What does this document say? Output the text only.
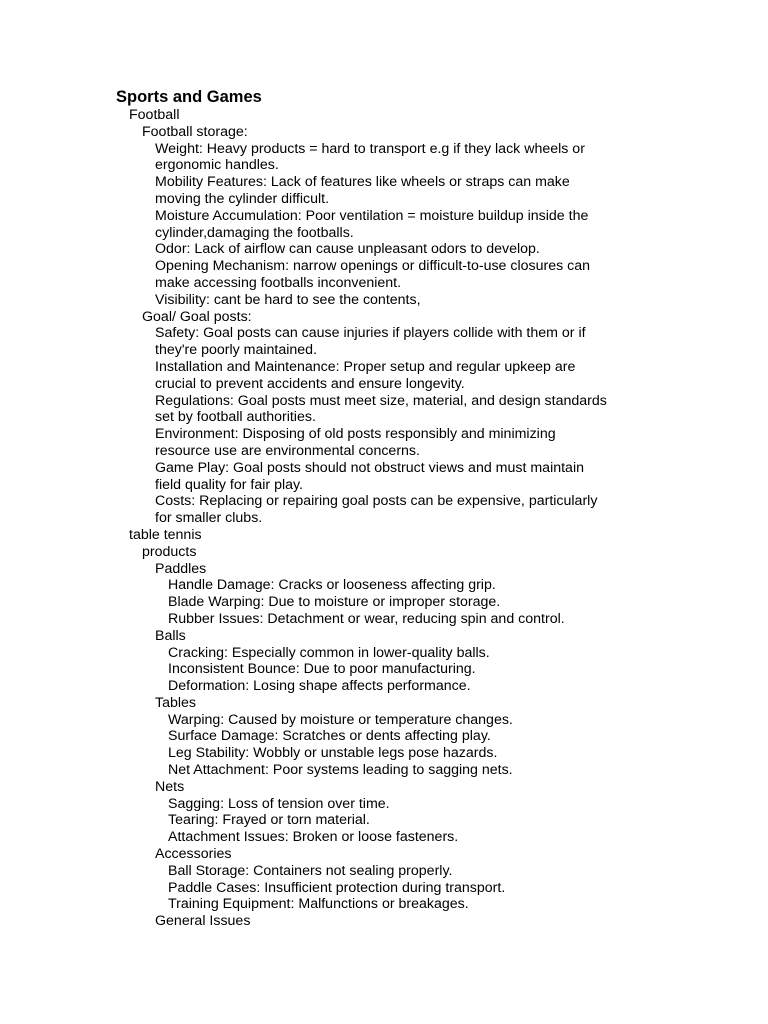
Sports and Games
Football
Football storage:
Weight: Heavy products = hard to transport e.g if they lack wheels or
ergonomic handles.
Mobility Features: Lack of features like wheels or straps can make
moving the cylinder difficult.
Moisture Accumulation: Poor ventilation = moisture buildup inside the
cylinder,damaging the footballs.
Odor: Lack of airflow can cause unpleasant odors to develop.
Opening Mechanism: narrow openings or difficult-to-use closures can
make accessing footballs inconvenient.
Visibility: cant be hard to see the contents,
Goal/ Goal posts:
Safety: Goal posts can cause injuries if players collide with them or if
they're poorly maintained.
Installation and Maintenance: Proper setup and regular upkeep are
crucial to prevent accidents and ensure longevity.
Regulations: Goal posts must meet size, material, and design standards
set by football authorities.
Environment: Disposing of old posts responsibly and minimizing
resource use are environmental concerns.
Game Play: Goal posts should not obstruct views and must maintain
field quality for fair play.
Costs: Replacing or repairing goal posts can be expensive, particularly
for smaller clubs.
table tennis
products
Paddles
Handle Damage: Cracks or looseness affecting grip.
Blade Warping: Due to moisture or improper storage.
Rubber Issues: Detachment or wear, reducing spin and control.
Balls
Cracking: Especially common in lower-quality balls.
Inconsistent Bounce: Due to poor manufacturing.
Deformation: Losing shape affects performance.
Tables
Warping: Caused by moisture or temperature changes.
Surface Damage: Scratches or dents affecting play.
Leg Stability: Wobbly or unstable legs pose hazards.
Net Attachment: Poor systems leading to sagging nets.
Nets
Sagging: Loss of tension over time.
Tearing: Frayed or torn material.
Attachment Issues: Broken or loose fasteners.
Accessories
Ball Storage: Containers not sealing properly.
Paddle Cases: Insufficient protection during transport.
Training Equipment: Malfunctions or breakages.
General Issues
